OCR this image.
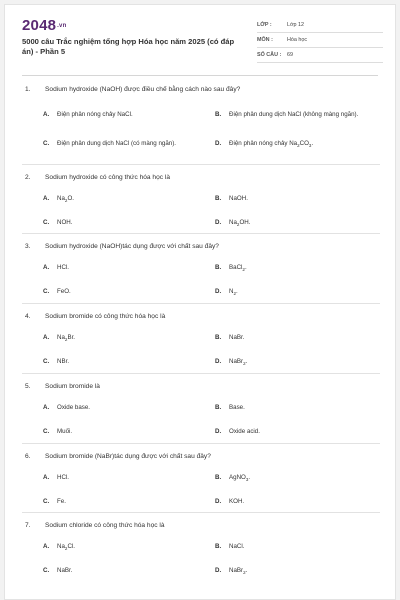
2048.vn
5000 câu Trắc nghiệm tổng hợp Hóa học năm 2025 (có đáp án) - Phần 5
LỚP :	Lớp 12
MÔN :	Hóa học
SỐ CÂU :	69
1. Sodium hydroxide (NaOH) được điều chế bằng cách nào sau đây?
A. Điện phân nóng chảy NaCl.	B. Điện phân dung dịch NaCl (không màng ngăn).
C. Điện phân dung dịch NaCl (có màng ngăn).	D. Điện phân nóng chảy $Na_2CO_3$.
2. Sodium hydroxide có công thức hóa học là
A. $Na_2O$.	B. NaOH.
C. NOH.	D. $Na_2OH$.
3. Sodium hydroxide (NaOH)tác dụng được với chất sau đây?
A. HCl.	B. BaCl$_2$.
C. FeO.	D. $N_2$.
4. Sodium bromide có công thức hóa học là
A. $Na_2Br$.	B. NaBr.
C. NBr.	D. NaBr$_2$.
5. Sodium bromide là
A. Oxide base.	B. Base.
C. Muối.	D. Oxide acid.
6. Sodium bromide (NaBr)tác dụng được với chất sau đây?
A. HCl.	B. AgNO$_3$.
C. Fe.	D. KOH.
7. Sodium chloride có công thức hóa học là
A. $Na_2Cl$.	B. NaCl.
C. NaBr.	D. NaBr$_2$.
